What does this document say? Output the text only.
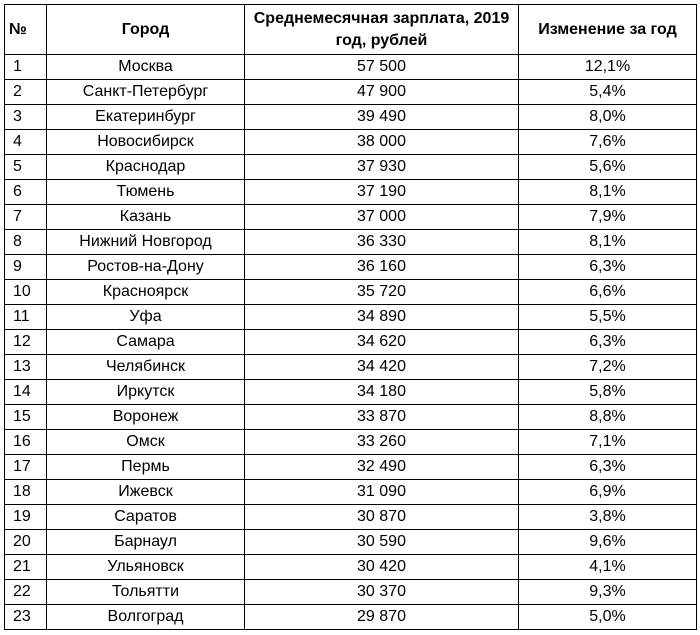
№	Город	Среднемесячная зарплата, 2019 год, рублей	Изменение за год
1	Москва	57 500	12,1%
2	Санкт-Петербург	47 900	5,4%
3	Екатеринбург	39 490	8,0%
4	Новосибирск	38 000	7,6%
5	Краснодар	37 930	5,6%
6	Тюмень	37 190	8,1%
7	Казань	37 000	7,9%
8	Нижний Новгород	36 330	8,1%
9	Ростов-на-Дону	36 160	6,3%
10	Красноярск	35 720	6,6%
11	Уфа	34 890	5,5%
12	Самара	34 620	6,3%
13	Челябинск	34 420	7,2%
14	Иркутск	34 180	5,8%
15	Воронеж	33 870	8,8%
16	Омск	33 260	7,1%
17	Пермь	32 490	6,3%
18	Ижевск	31 090	6,9%
19	Саратов	30 870	3,8%
20	Барнаул	30 590	9,6%
21	Ульяновск	30 420	4,1%
22	Тольятти	30 370	9,3%
23	Волгоград	29 870	5,0%
